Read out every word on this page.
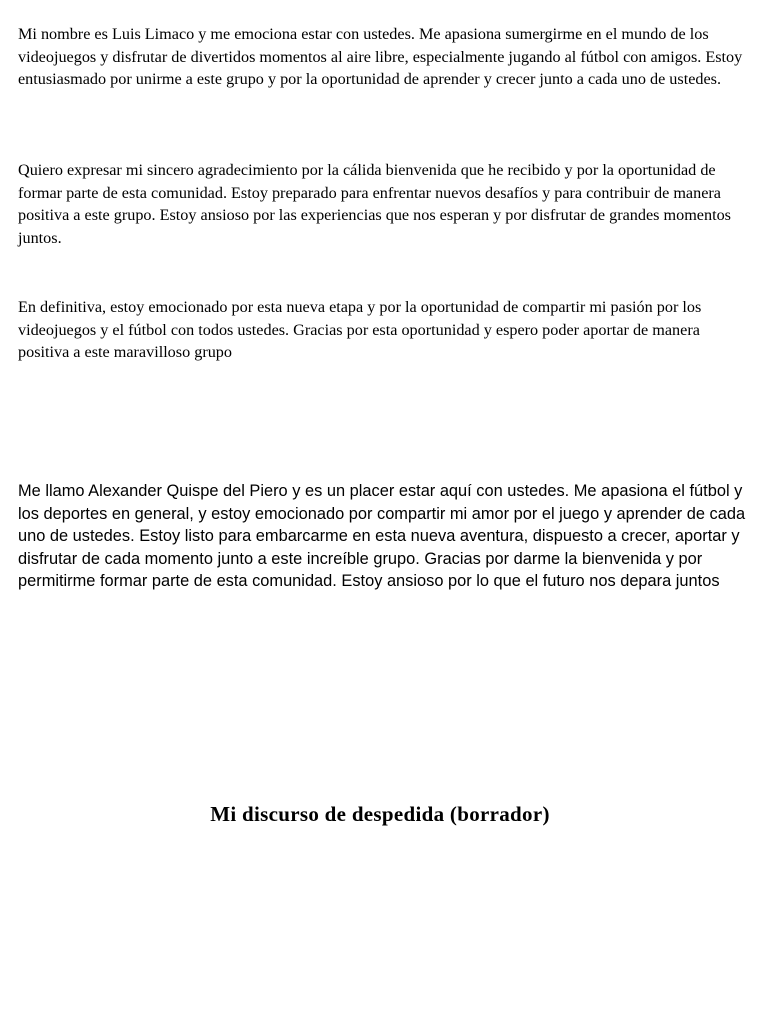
Mi nombre es Luis Limaco y me emociona estar con ustedes. Me apasiona sumergirme en el mundo de los videojuegos y disfrutar de divertidos momentos al aire libre, especialmente jugando al fútbol con amigos. Estoy entusiasmado por unirme a este grupo y por la oportunidad de aprender y crecer junto a cada uno de ustedes.

Quiero expresar mi sincero agradecimiento por la cálida bienvenida que he recibido y por la oportunidad de formar parte de esta comunidad. Estoy preparado para enfrentar nuevos desafíos y para contribuir de manera positiva a este grupo. Estoy ansioso por las experiencias que nos esperan y por disfrutar de grandes momentos juntos.

En definitiva, estoy emocionado por esta nueva etapa y por la oportunidad de compartir mi pasión por los videojuegos y el fútbol con todos ustedes. Gracias por esta oportunidad y espero poder aportar de manera positiva a este maravilloso grupo

Me llamo Alexander Quispe del Piero y es un placer estar aquí con ustedes. Me apasiona el fútbol y los deportes en general, y estoy emocionado por compartir mi amor por el juego y aprender de cada uno de ustedes. Estoy listo para embarcarme en esta nueva aventura, dispuesto a crecer, aportar y disfrutar de cada momento junto a este increíble grupo. Gracias por darme la bienvenida y por permitirme formar parte de esta comunidad. Estoy ansioso por lo que el futuro nos depara juntos

Mi discurso de despedida (borrador)
